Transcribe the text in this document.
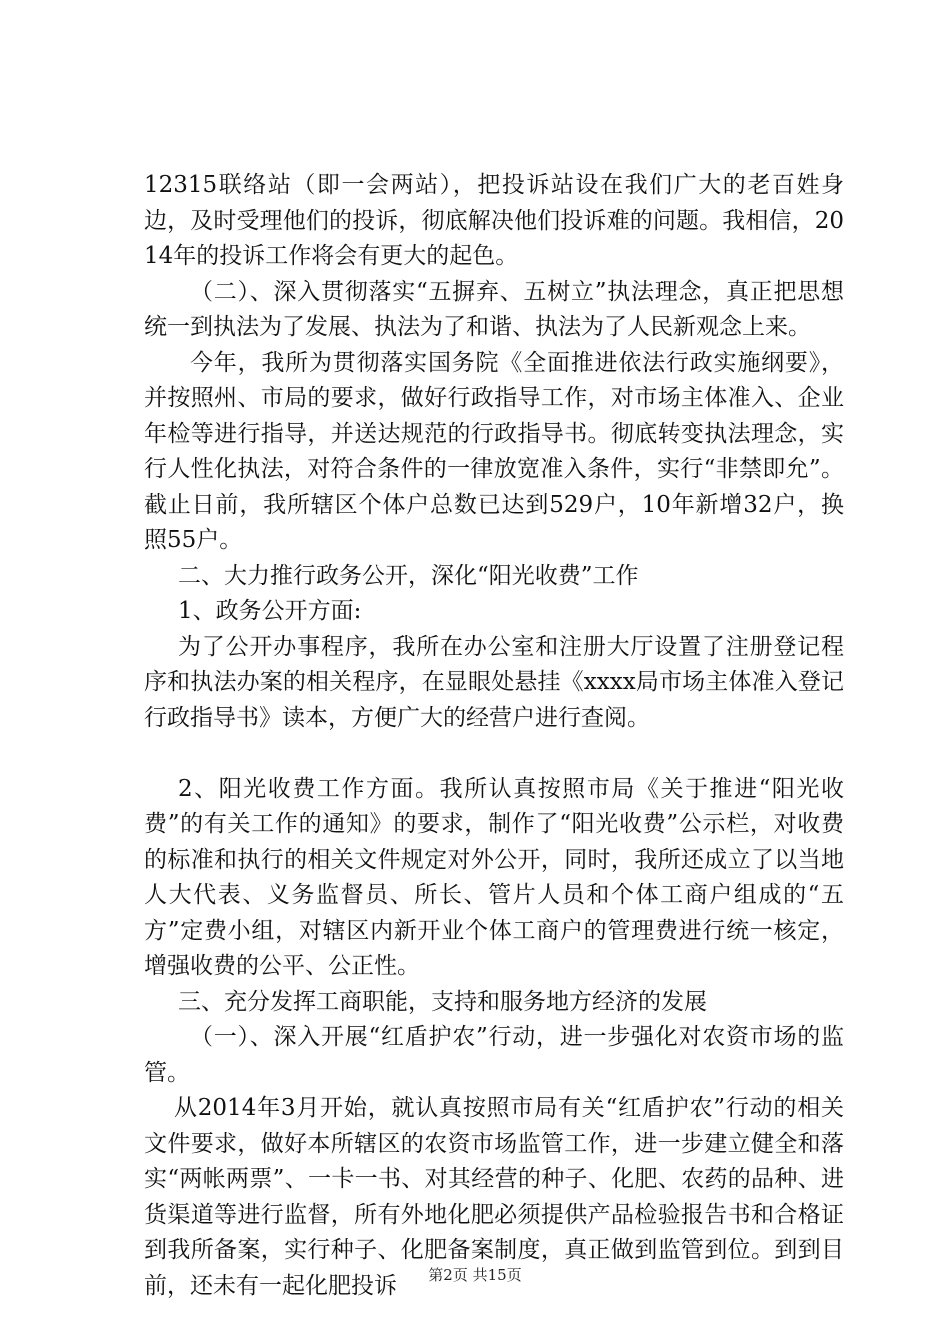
12315联络站（即一会两站），把投诉站设在我们广大的老百姓身边，及时受理他们的投诉，彻底解决他们投诉难的问题。我相信，2014年的投诉工作将会有更大的起色。

（二）、深入贯彻落实“五摒弃、五树立”执法理念，真正把思想统一到执法为了发展、执法为了和谐、执法为了人民新观念上来。

今年，我所为贯彻落实国务院《全面推进依法行政实施纲要》，并按照州、市局的要求，做好行政指导工作，对市场主体准入、企业年检等进行指导，并送达规范的行政指导书。彻底转变执法理念，实行人性化执法，对符合条件的一律放宽准入条件，实行“非禁即允”。截止日前，我所辖区个体户总数已达到529户，10年新增32户，换照55户。

二、大力推行政务公开，深化“阳光收费”工作

1、政务公开方面:

为了公开办事程序，我所在办公室和注册大厅设置了注册登记程序和执法办案的相关程序，在显眼处悬挂《xxxx局市场主体准入登记行政指导书》读本，方便广大的经营户进行查阅。

2、阳光收费工作方面。我所认真按照市局《关于推进“阳光收费”的有关工作的通知》的要求，制作了“阳光收费”公示栏，对收费的标准和执行的相关文件规定对外公开，同时，我所还成立了以当地人大代表、义务监督员、所长、管片人员和个体工商户组成的“五方”定费小组，对辖区内新开业个体工商户的管理费进行统一核定，增强收费的公平、公正性。

三、充分发挥工商职能，支持和服务地方经济的发展

（一）、深入开展“红盾护农”行动，进一步强化对农资市场的监管。

从2014年3月开始，就认真按照市局有关“红盾护农”行动的相关文件要求，做好本所辖区的农资市场监管工作，进一步建立健全和落实“两帐两票”、一卡一书、对其经营的种子、化肥、农药的品种、进货渠道等进行监督，所有外地化肥必须提供产品检验报告书和合格证到我所备案，实行种子、化肥备案制度，真正做到监管到位。到到目前，还未有一起化肥投诉	第2页 共15页
